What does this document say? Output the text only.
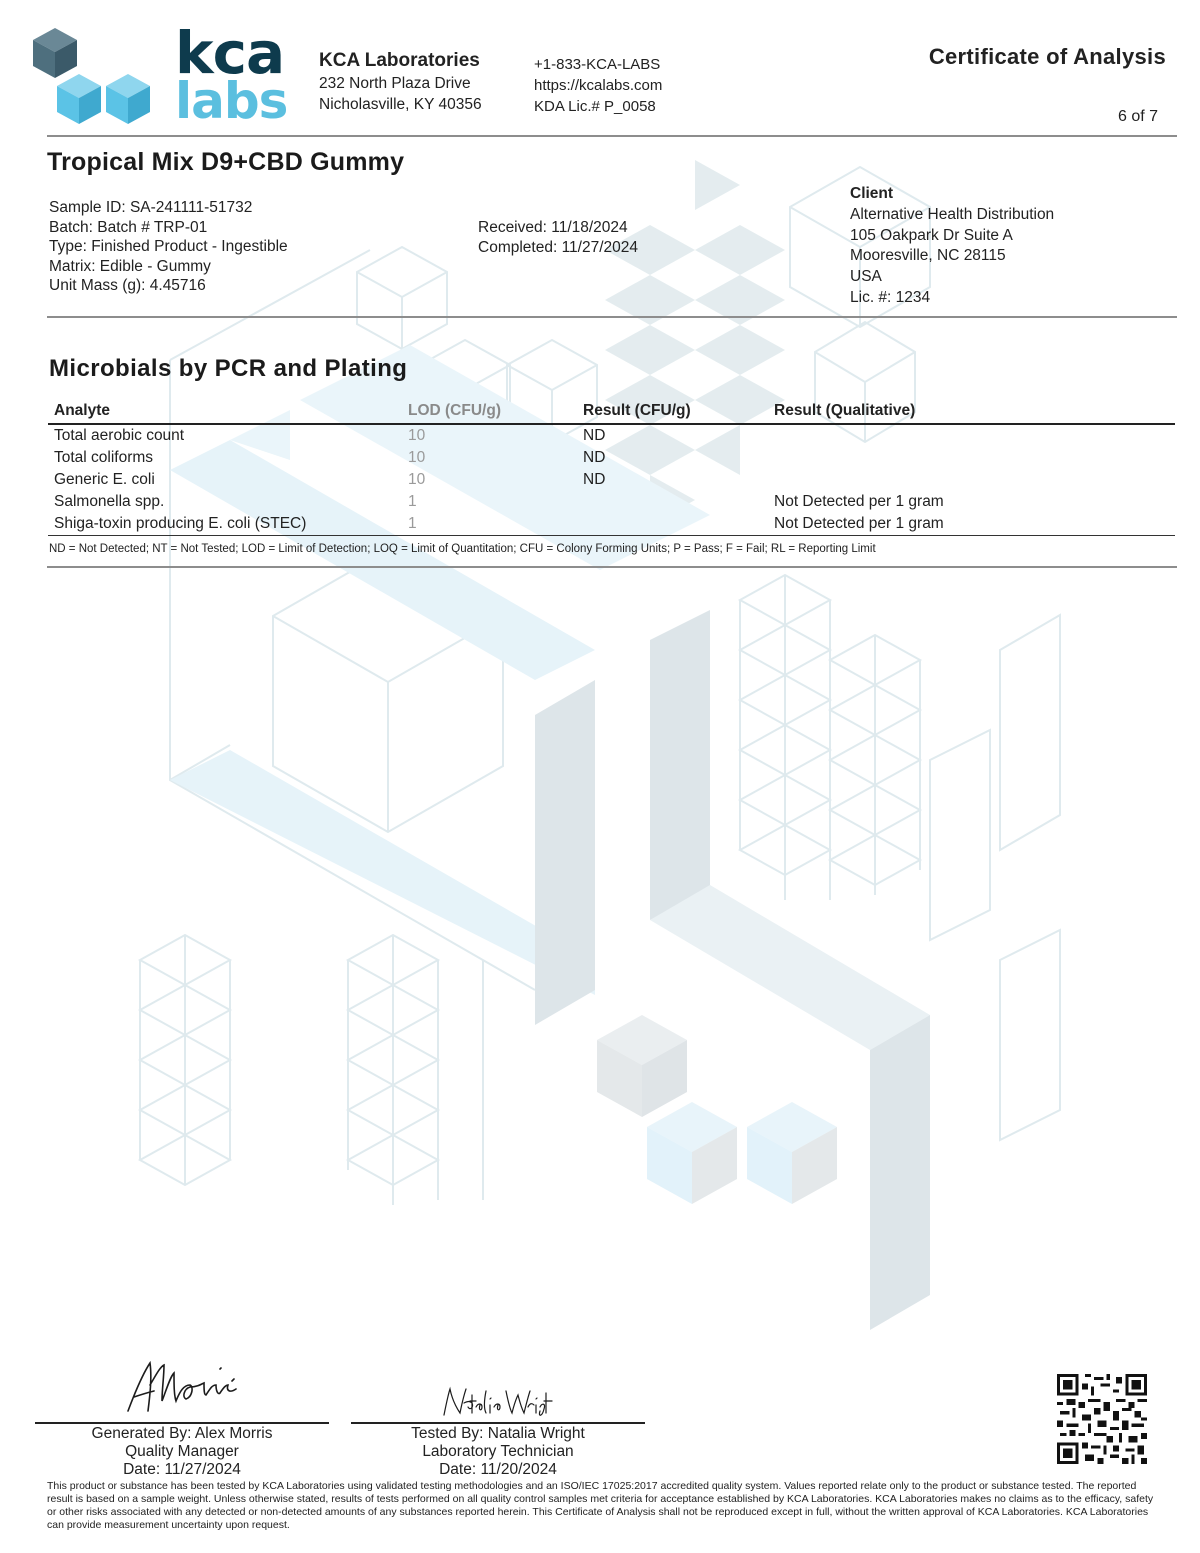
kca
labs
KCA Laboratories
232 North Plaza Drive
Nicholasville, KY 40356
+1-833-KCA-LABS
https://kcalabs.com
KDA Lic.# P_0058
Certificate of Analysis
6 of 7
Tropical Mix D9+CBD Gummy
Sample ID: SA-241111-51732
Batch: Batch # TRP-01
Type: Finished Product - Ingestible
Matrix: Edible - Gummy
Unit Mass (g): 4.45716
Received: 11/18/2024
Completed: 11/27/2024
Client
Alternative Health Distribution
105 Oakpark Dr Suite A
Mooresville, NC 28115
USA
Lic. #: 1234
Microbials by PCR and Plating
Analyte	LOD (CFU/g)	Result (CFU/g)	Result (Qualitative)
Total aerobic count	10	ND	
Total coliforms	10	ND	
Generic E. coli	10	ND	
Salmonella spp.	1		Not Detected per 1 gram
Shiga-toxin producing E. coli (STEC)	1		Not Detected per 1 gram
ND = Not Detected; NT = Not Tested; LOD = Limit of Detection; LOQ = Limit of Quantitation; CFU = Colony Forming Units; P = Pass; F = Fail; RL = Reporting Limit
Generated By: Alex Morris
Quality Manager
Date: 11/27/2024
Tested By: Natalia Wright
Laboratory Technician
Date: 11/20/2024
This product or substance has been tested by KCA Laboratories using validated testing methodologies and an ISO/IEC 17025:2017 accredited quality system. Values reported relate only to the product or substance tested. The reported result is based on a sample weight. Unless otherwise stated, results of tests performed on all quality control samples met criteria for acceptance established by KCA Laboratories. KCA Laboratories makes no claims as to the efficacy, safety or other risks associated with any detected or non-detected amounts of any substances reported herein. This Certificate of Analysis shall not be reproduced except in full, without the written approval of KCA Laboratories. KCA Laboratories can provide measurement uncertainty upon request.
